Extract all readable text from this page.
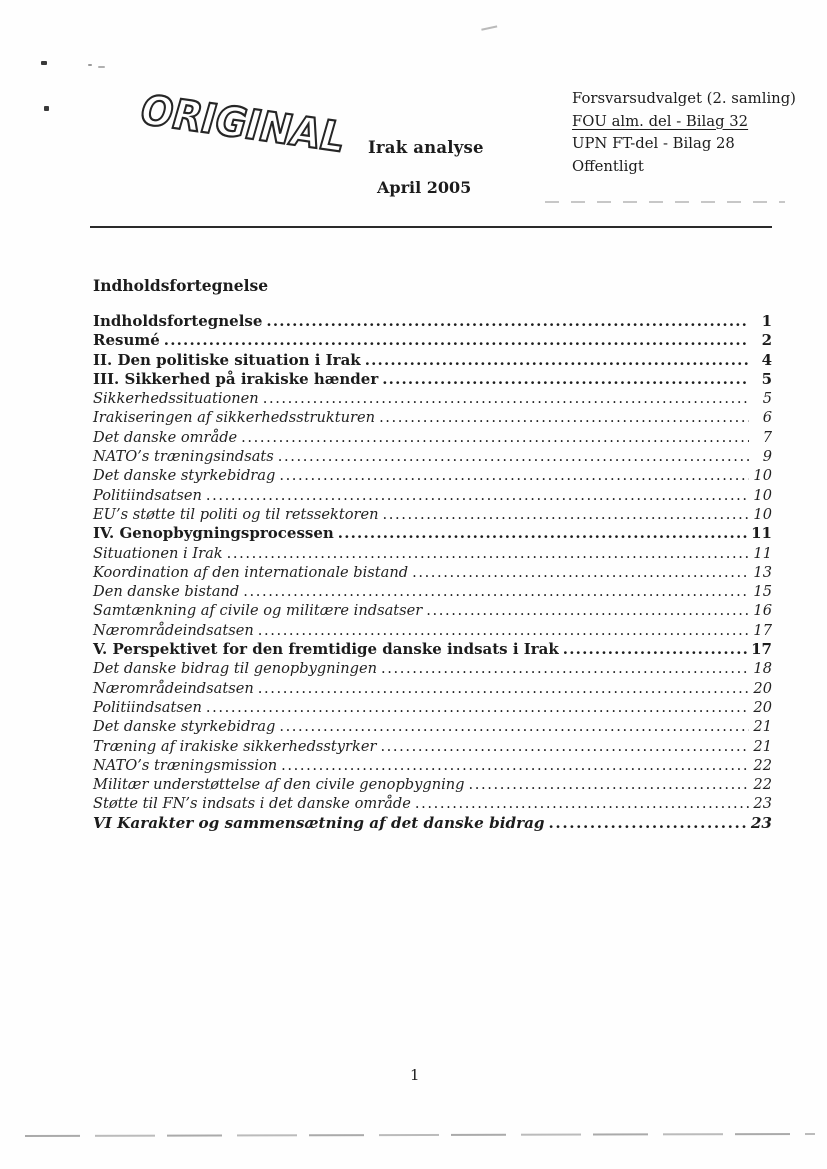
ORIGINAL Irak analyse
April 2005
Forsvarsudvalget (2. samling)
FOU alm. del - Bilag 32
UPN FT-del - Bilag 28
Offentligt
Indholdsfortegnelse
Indholdsfortegnelse .....	1
Resumé .....	2
II. Den politiske situation i Irak .....	4
III. Sikkerhed på irakiske hænder .....	5
Sikkerhedssituationen .....	5
Irakiseringen af sikkerhedsstrukturen .....	6
Det danske område .....	7
NATO’s træningsindsats .....	9
Det danske styrkebidrag .....	10
Politiindsatsen .....	10
EU’s støtte til politi og til retssektoren .....	10
IV. Genopbygningsprocessen .....	11
Situationen i Irak .....	11
Koordination af den internationale bistand .....	13
Den danske bistand .....	15
Samtænkning af civile og militære indsatser .....	16
Nærområdeindsatsen .....	17
V. Perspektivet for den fremtidige danske indsats i Irak .....	17
Det danske bidrag til genopbygningen .....	18
Nærområdeindsatsen .....	20
Politiindsatsen .....	20
Det danske styrkebidrag .....	21
Træning af irakiske sikkerhedsstyrker .....	21
NATO’s træningsmission .....	22
Militær understøttelse af den civile genopbygning .....	22
Støtte til FN’s indsats i det danske område .....	23
VI Karakter og sammensætning af det danske bidrag .....	23
1
